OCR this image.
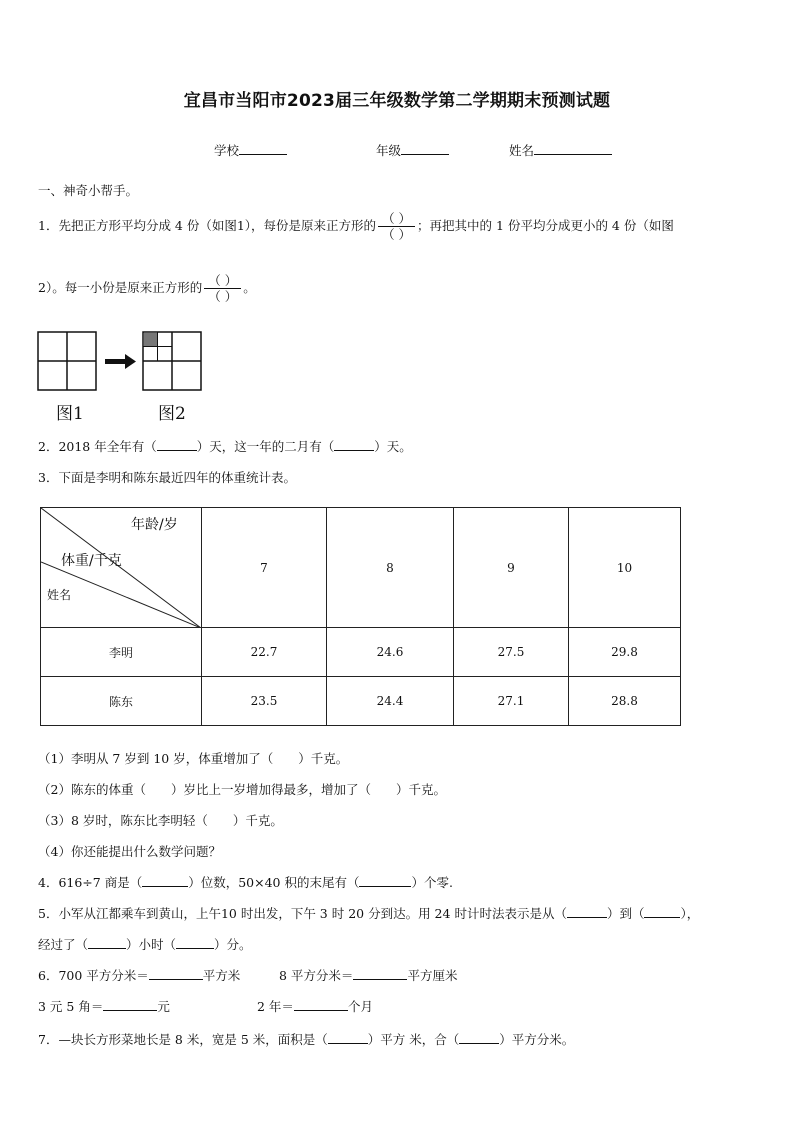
宜昌市当阳市2023届三年级数学第二学期期末预测试题
学校	年级	姓名
一、神奇小帮手。
1．先把正方形平均分成 4 份（如图1），每份是原来正方形的 $\frac{( )}{( )}$ ；再把其中的 1 份平均分成更小的 4 份（如图
2）。每一小份是原来正方形的 $\frac{( )}{( )}$ 。
图1	图2
2．2018 年全年有（	）天，这一年的二月有（	）天。
3．下面是李明和陈东最近四年的体重统计表。
年龄/岁
体重/千克
姓名	7	8	9	10
李明	22.7	24.6	27.5	29.8
陈东	23.5	24.4	27.1	28.8
（1）李明从 7 岁到 10 岁，体重增加了（　　）千克。
（2）陈东的体重（　　）岁比上一岁增加得最多，增加了（　　）千克。
（3）8 岁时，陈东比李明轻（　　）千克。
（4）你还能提出什么数学问题？
4．616÷7 商是（	）位数，50×40 积的末尾有（	）个零.
5．小军从江都乘车到黄山，上午10 时出发，下午 3 时 20 分到达。用 24 时计时法表示是从（	）到（	），
经过了（	）小时（	）分。
6．700 平方分米＝	平方米	8 平方分米＝	平方厘米
3 元 5 角＝	元	2 年＝	个月
7．—块长方形菜地长是 8 米，宽是 5 米，面积是（	）平方 米，合（	）平方分米。
